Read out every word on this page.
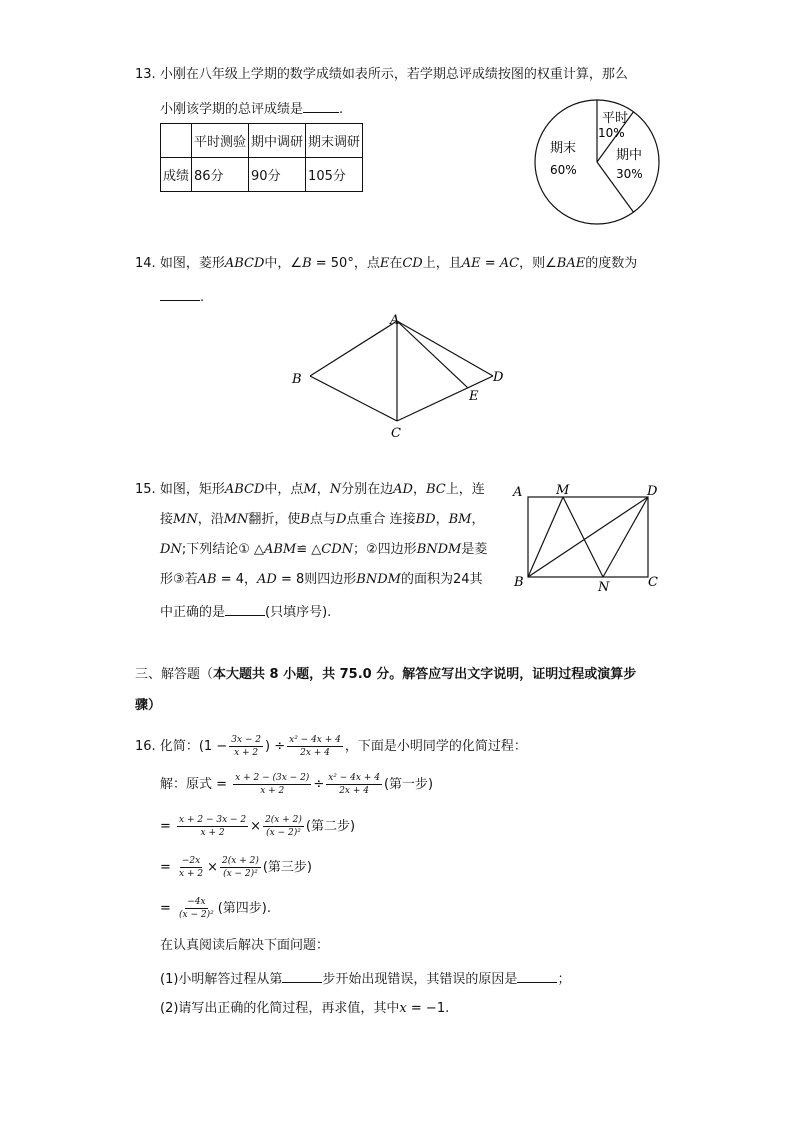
13. 小刚在八年级上学期的数学成绩如表所示，若学期总评成绩按图的权重计算，那么
小刚该学期的总评成绩是	.
	平时测验	期中调研	期末调研
成绩	86分	90分	105分
平时
10%
期中
30%
期末
60%
14. 如图，菱形ABCD中，∠B = 50°，点E在CD上，且AE = AC，则∠BAE的度数为
.
A
B
C
D
E
15. 如图，矩形ABCD中，点M，N分别在边AD，BC上，连
接MN，沿MN翻折，使B点与D点重合 连接BD，BM，
DN;下列结论① △ABM≌ △CDN；②四边形BNDM是菱
形③若AB = 4，AD = 8则四边形BNDM的面积为24其
中正确的是	(只填序号).
A	M	D
B	N	C
三、解答题（本大题共 8 小题，共 75.0 分。解答应写出文字说明，证明过程或演算步
骤）
16. 化简：($1 - \frac{3x - 2}{x + 2}$ ) ÷ $\frac{\text{x² − 4x + 4}}{2x + 4}$ ，下面是小明同学的化简过程：
解：原式 = $\frac{x + 2 - (3x - 2)}{x + 2} \div \frac{\text{x² − 4x + 4}}{2x + 4}$ (第一步)
= $\frac{x + 2 - 3x - 2}{x + 2} \times \frac{2(x + 2)}{\text{(x − 2)²}}$ (第二步)
= $\frac{-2x}{x + 2} \times \frac{2(x + 2)}{\text{(x − 2)²}}$ (第三步)
= $\frac{-4x}{\text{(x − 2)²}}$ (第四步).
在认真阅读后解决下面问题：
(1)小明解答过程从第	步开始出现错误，其错误的原因是	；
(2)请写出正确的化简过程，再求值，其中x = −1.
